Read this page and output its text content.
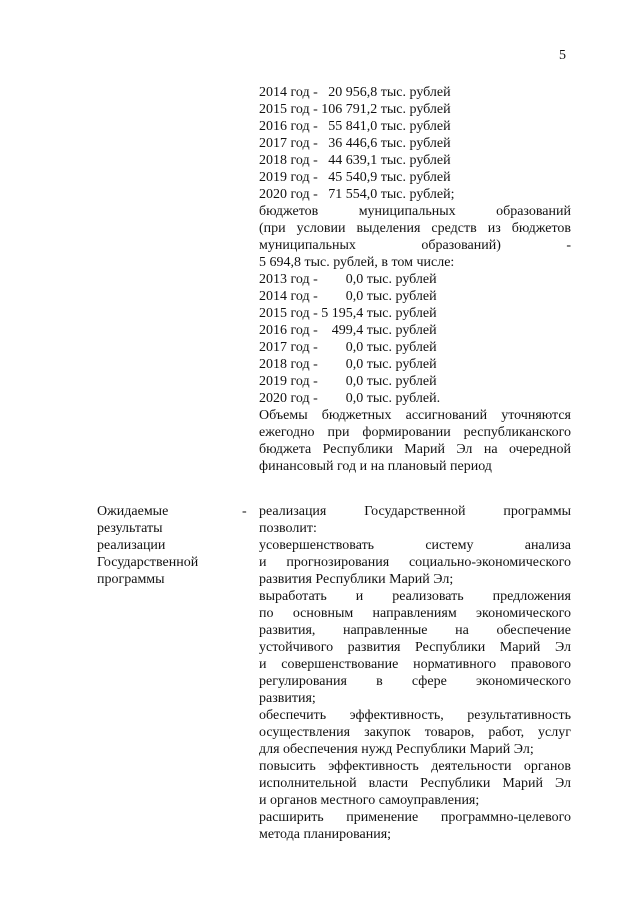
5
2014 год -   20 956,8 тыс. рублей
2015 год - 106 791,2 тыс. рублей
2016 год -   55 841,0 тыс. рублей
2017 год -   36 446,6 тыс. рублей
2018 год -   44 639,1 тыс. рублей
2019 год -   45 540,9 тыс. рублей
2020 год -   71 554,0 тыс. рублей;
бюджетов муниципальных образований
(при условии выделения средств из бюджетов
муниципальных образований) -
5 694,8 тыс. рублей, в том числе:
2013 год -        0,0 тыс. рублей
2014 год -        0,0 тыс. рублей
2015 год - 5 195,4 тыс. рублей
2016 год -    499,4 тыс. рублей
2017 год -        0,0 тыс. рублей
2018 год -        0,0 тыс. рублей
2019 год -        0,0 тыс. рублей
2020 год -        0,0 тыс. рублей.
Объемы бюджетных ассигнований уточняются
ежегодно при формировании республиканского
бюджета Республики Марий Эл на очередной
финансовый год и на плановый период
Ожидаемые
результаты
реализации
Государственной
программы
- реализация Государственной программы
позволит:
усовершенствовать систему анализа
и прогнозирования социально-экономического
развития Республики Марий Эл;
выработать и реализовать предложения
по основным направлениям экономического
развития, направленные на обеспечение
устойчивого развития Республики Марий Эл
и совершенствование нормативного правового
регулирования в сфере экономического
развития;
обеспечить эффективность, результативность
осуществления закупок товаров, работ, услуг
для обеспечения нужд Республики Марий Эл;
повысить эффективность деятельности органов
исполнительной власти Республики Марий Эл
и органов местного самоуправления;
расширить применение программно-целевого
метода планирования;
